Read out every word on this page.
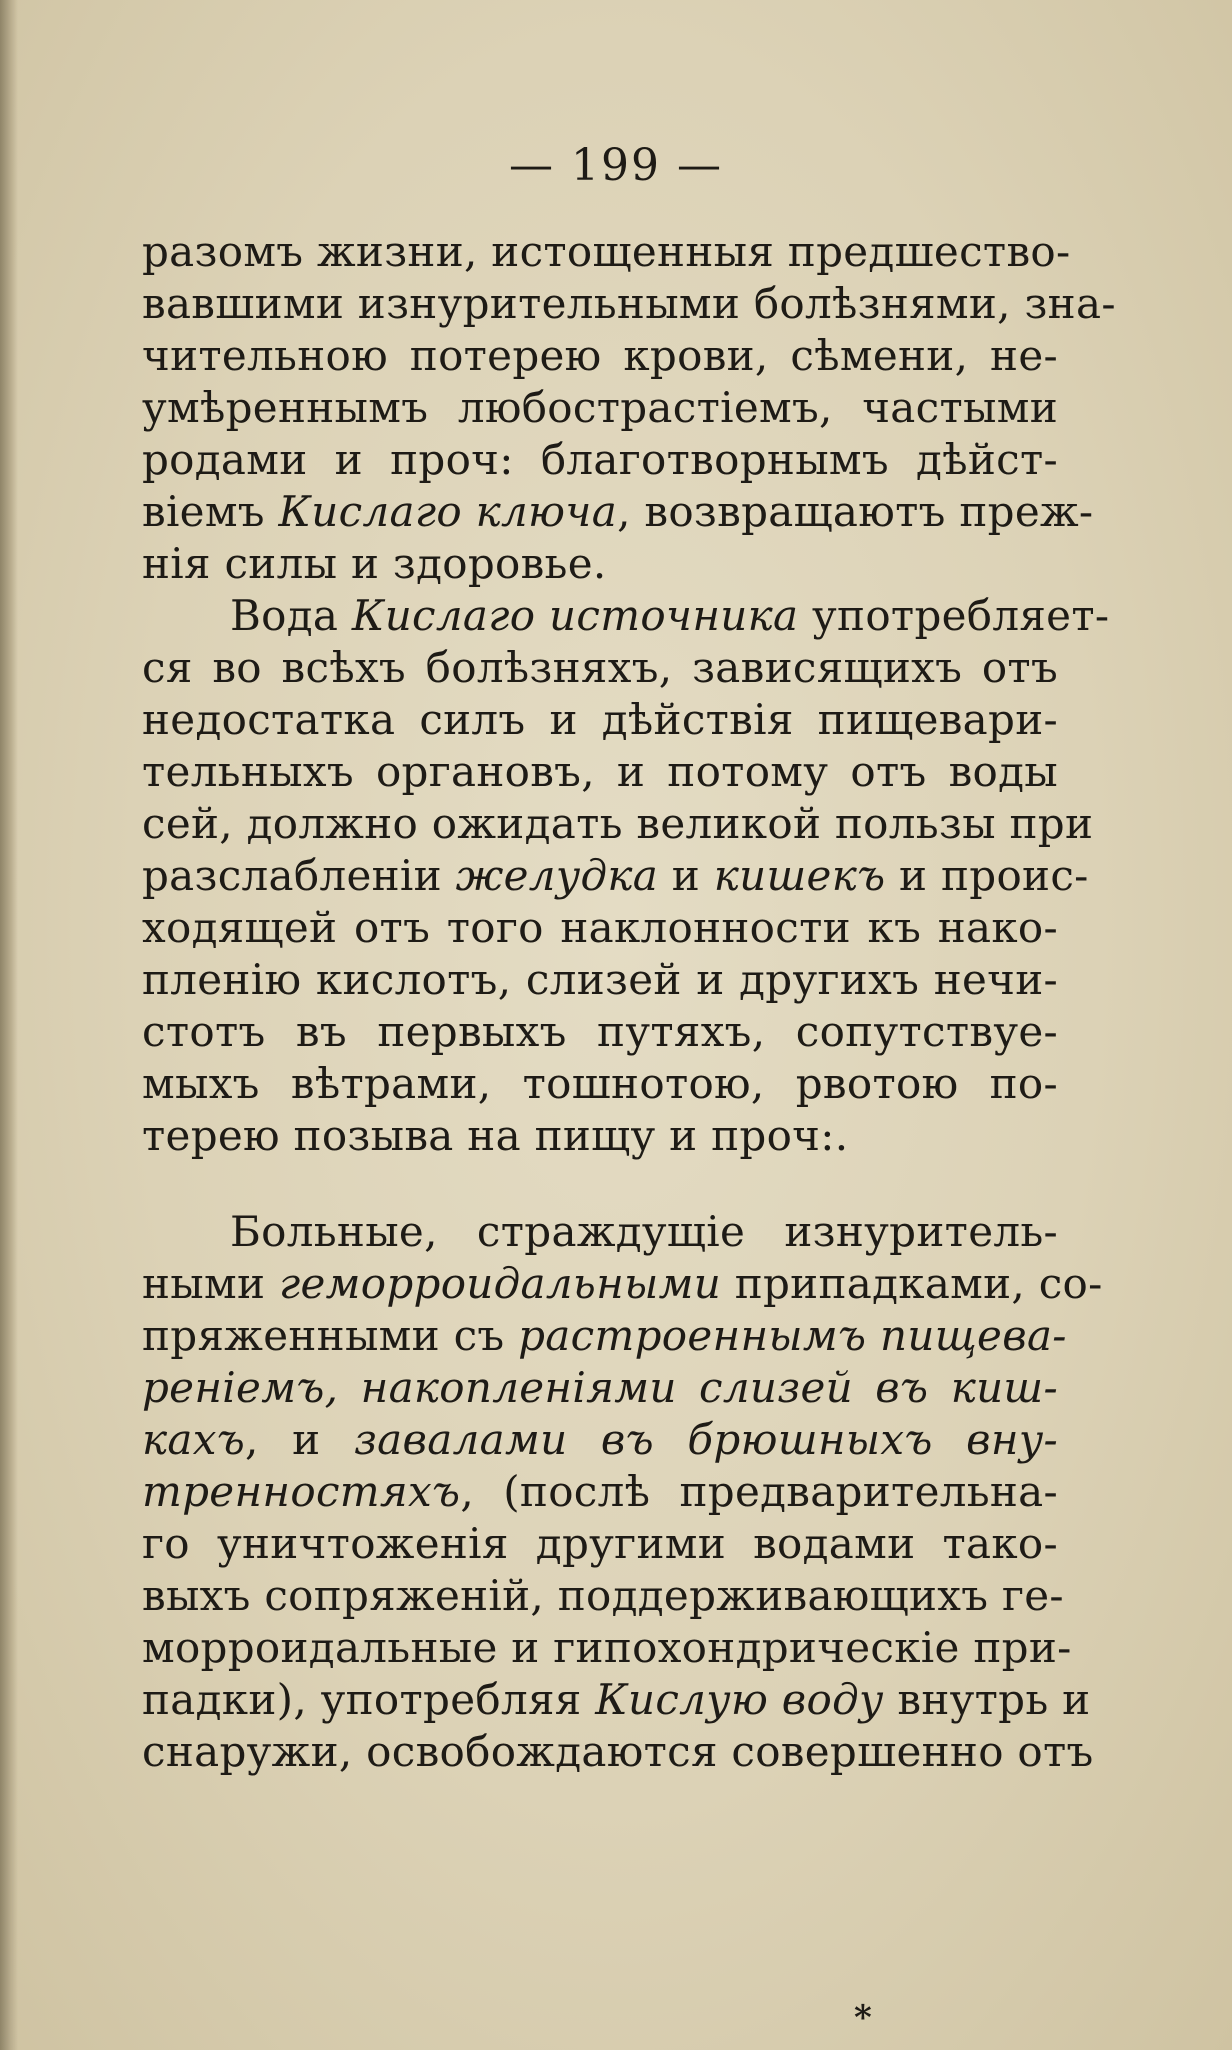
— 199 —
разомъ жизни, истощенныя предшество-
вавшими изнурительными болѣзнями, зна-
чительною потерею крови, сѣмени, не-
умѣреннымъ любострастіемъ, частыми
родами и проч: благотворнымъ дѣйст-
віемъ Кислаго ключа, возвращаютъ преж-
нія силы и здоровье.
Вода Кислаго источника употребляет-
ся во всѣхъ болѣзняхъ, зависящихъ отъ
недостатка силъ и дѣйствія пищевари-
тельныхъ органовъ, и потому отъ воды
сей, должно ожидать великой пользы при
разслабленіи желудка и кишекъ и проис-
ходящей отъ того наклонности къ нако-
пленію кислотъ, слизей и другихъ нечи-
стотъ въ первыхъ путяхъ, сопутствуе-
мыхъ вѣтрами, тошнотою, рвотою по-
терею позыва на пищу и проч:.
Больные, страждущіе изнуритель-
ными геморроидальными припадками, со-
пряженными съ растроеннымъ пищева-
реніемъ, накопленіями слизей въ киш-
кахъ, и завалами въ брюшныхъ вну-
тренностяхъ, (послѣ предварительна-
го уничтоженія другими водами тако-
выхъ сопряженій, поддерживающихъ ге-
морроидальные и гипохондрическіе при-
падки), употребляя Кислую воду внутрь и
снаружи, освобождаются совершенно отъ
*
